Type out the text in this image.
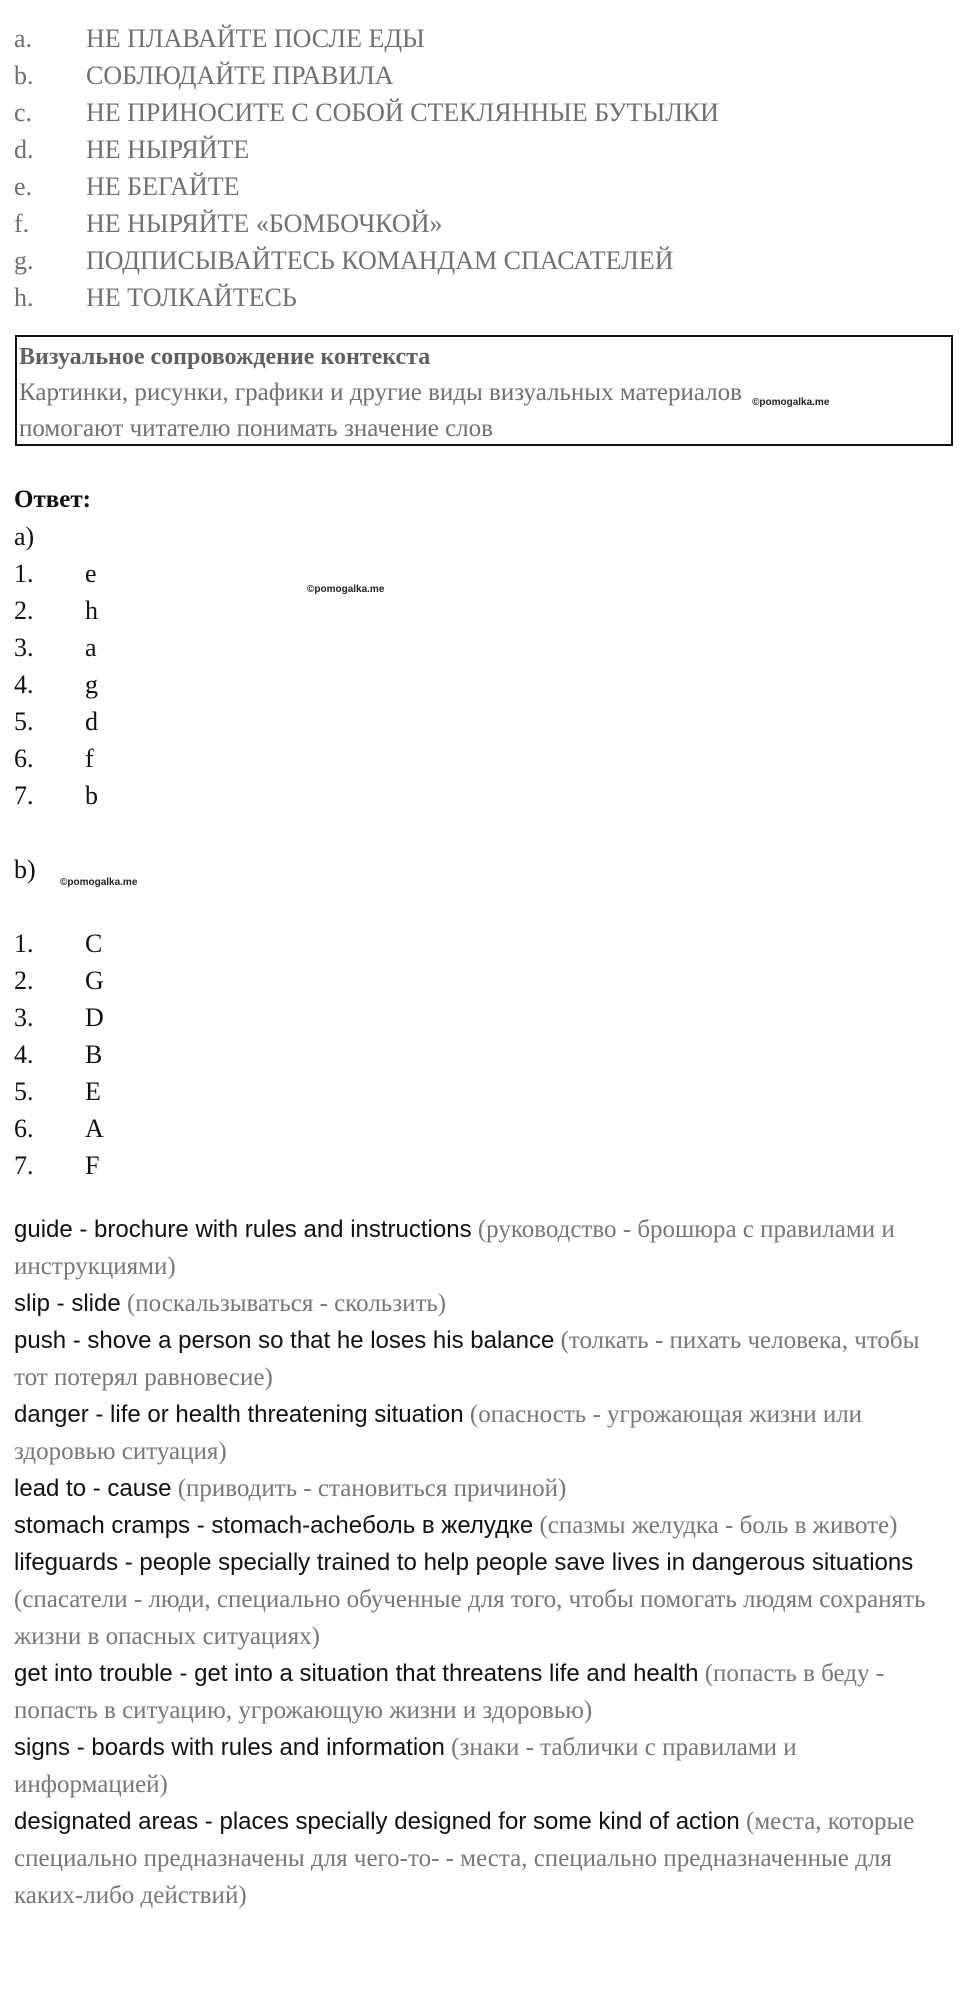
a. НЕ ПЛАВАЙТЕ ПОСЛЕ ЕДЫ
b. СОБЛЮДАЙТЕ ПРАВИЛА
c. НЕ ПРИНОСИТЕ С СОБОЙ СТЕКЛЯННЫЕ БУТЫЛКИ
d. НЕ НЫРЯЙТЕ
e. НЕ БЕГАЙТЕ
f. НЕ НЫРЯЙТЕ «БОМБОЧКОЙ»
g. ПОДПИСЫВАЙТЕСЬ КОМАНДАМ СПАСАТЕЛЕЙ
h. НЕ ТОЛКАЙТЕСЬ
Визуальное сопровождение контекста
Картинки, рисунки, графики и другие виды визуальных материалов
помогают читателю понимать значение слов
©pomogalka.me
Ответ:
a)
1. e
2. h
3. a
4. g
5. d
6. f
7. b
©pomogalka.me
b)	©pomogalka.me
1. C
2. G
3. D
4. B
5. E
6. A
7. F

guide - brochure with rules and instructions (руководство - брошюра с правилами и инструкциями)

slip - slide (поскальзываться - скользить)

push - shove a person so that he loses his balance (толкать - пихать человека, чтобы тот потерял равновесие)

danger - life or health threatening situation (опасность - угрожающая жизни или здоровью ситуация)

lead to - cause (приводить - становиться причиной)

stomach cramps - stomach-acheболь в желудке (спазмы желудка - боль в животе)

lifeguards - people specially trained to help people save lives in dangerous situations (спасатели - люди, специально обученные для того, чтобы помогать людям сохранять жизни в опасных ситуациях)

get into trouble - get into a situation that threatens life and health (попасть в беду - попасть в ситуацию, угрожающую жизни и здоровью)

signs - boards with rules and information (знаки - таблички с правилами и информацией)

designated areas - places specially designed for some kind of action (места, которые специально предназначены для чего-то- - места, специально предназначенные для каких-либо действий)
